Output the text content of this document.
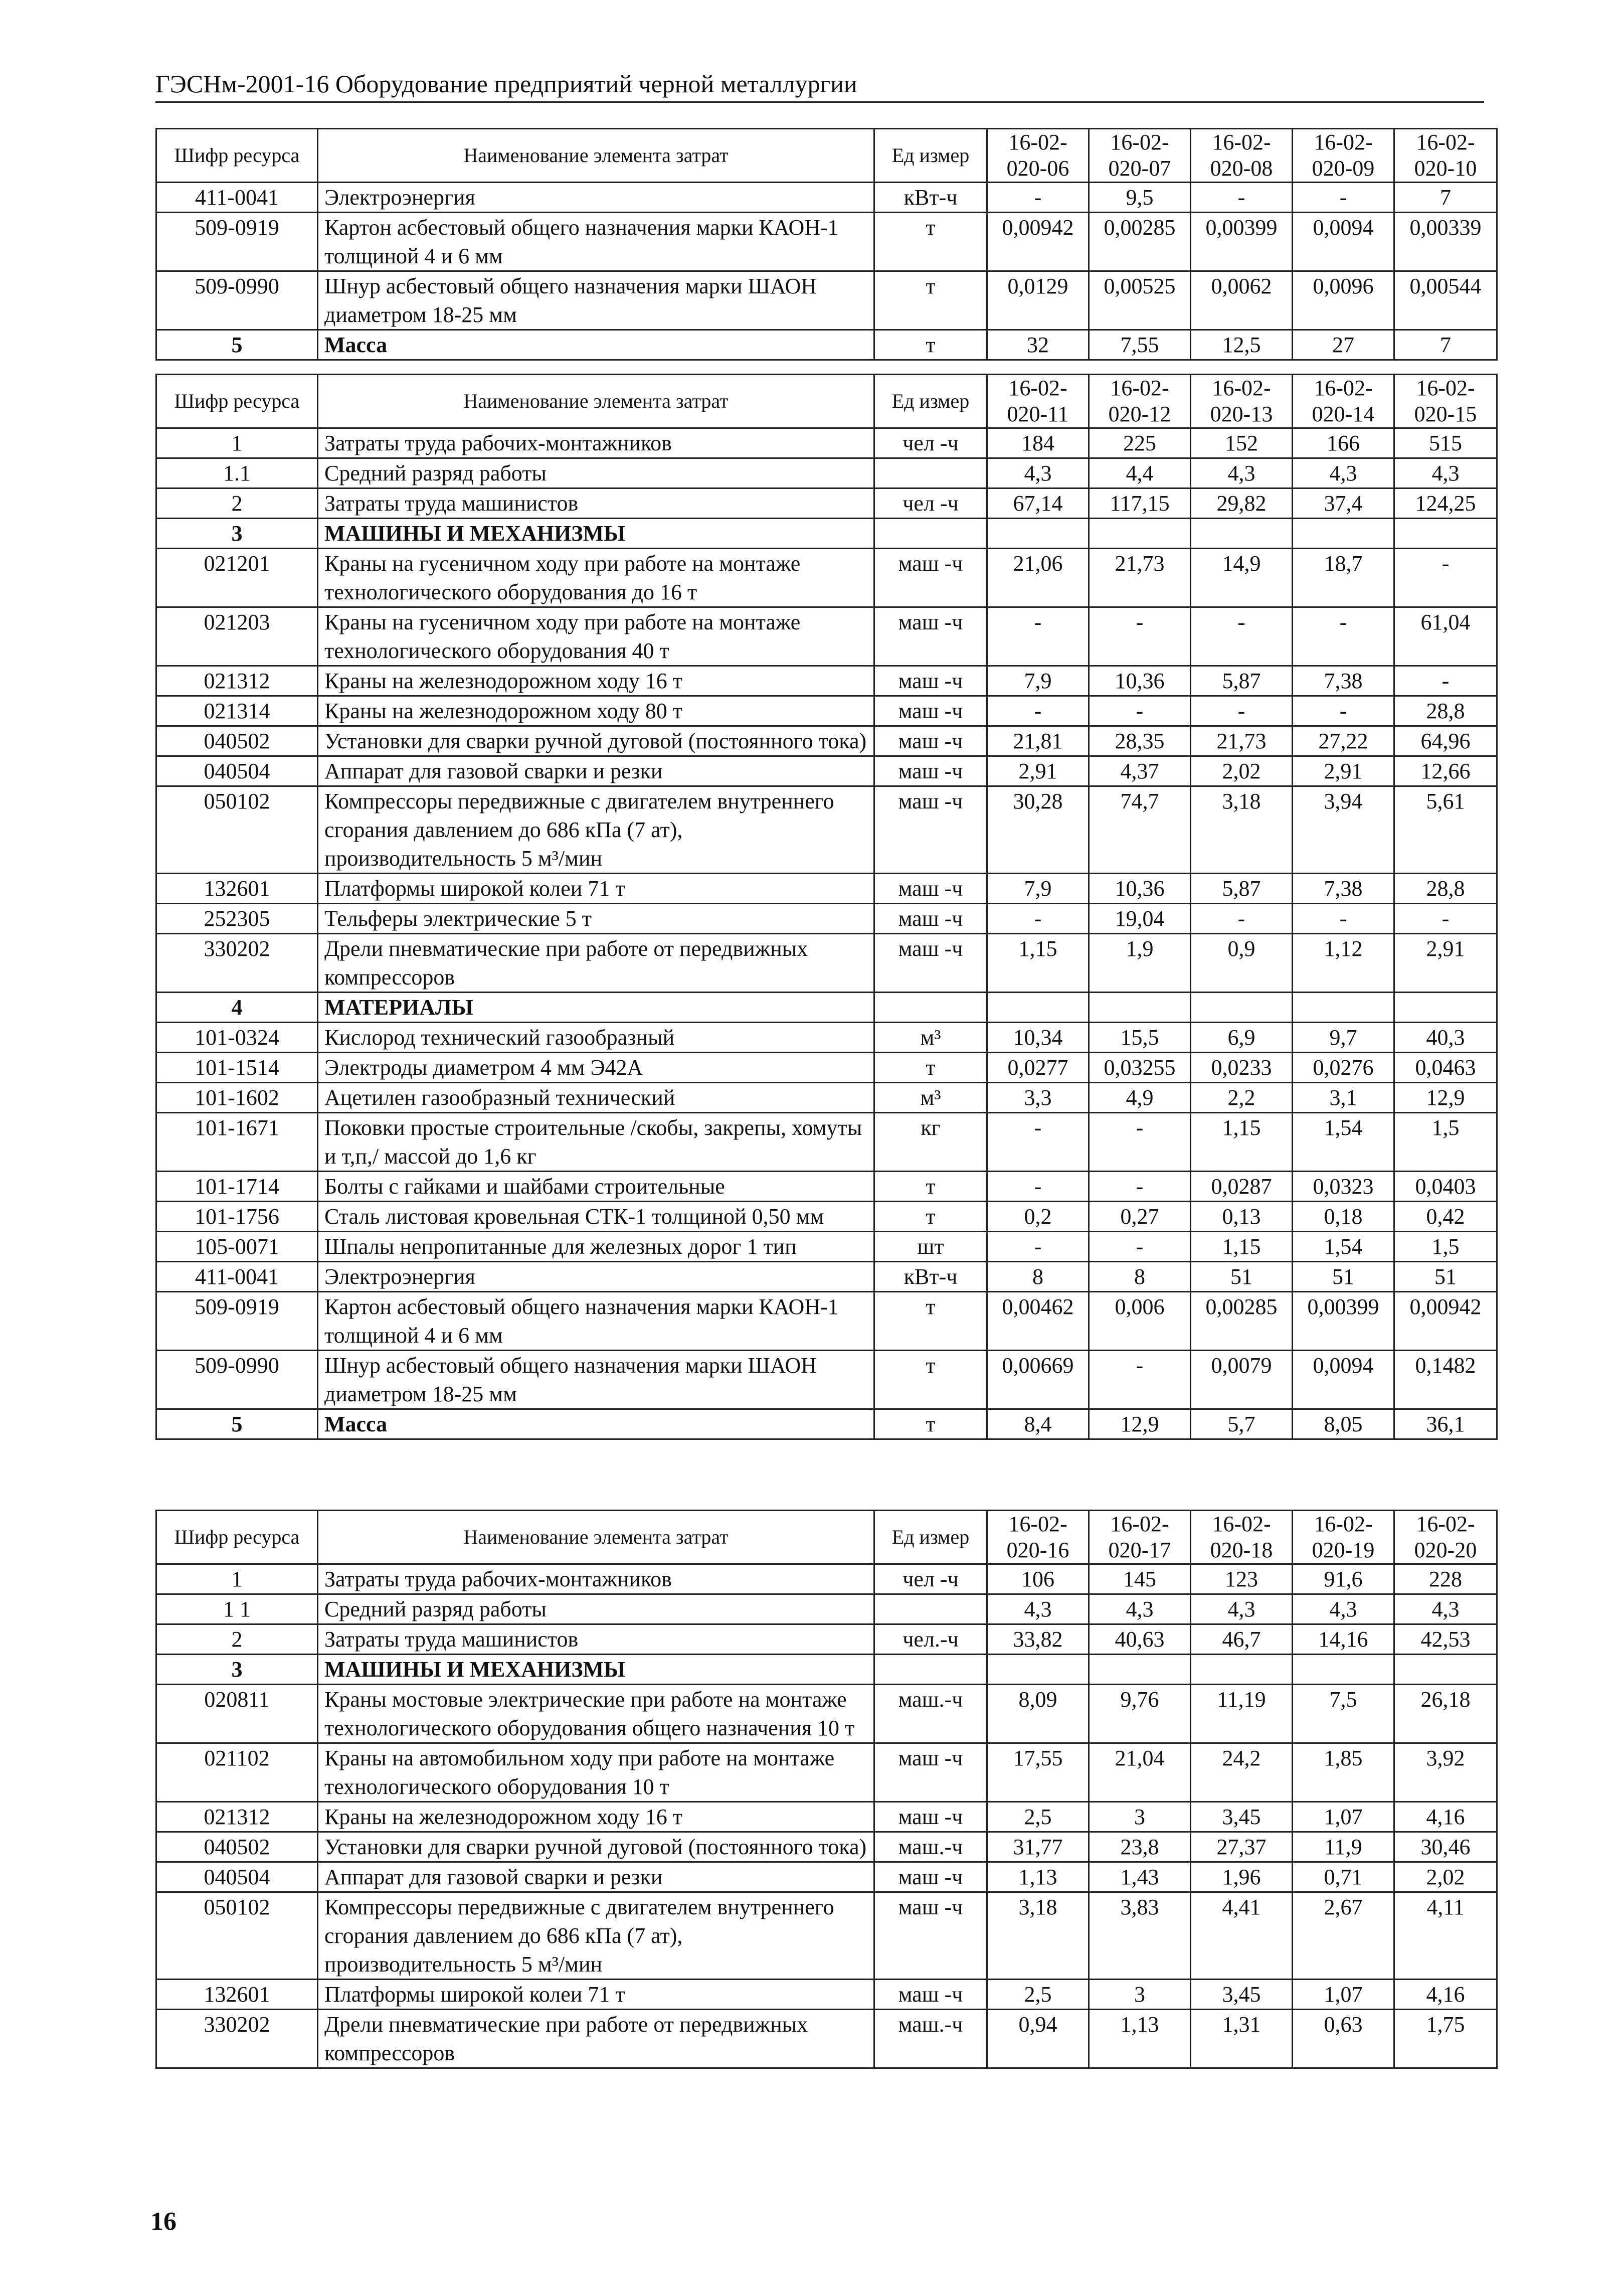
ГЭСНм-2001-16 Оборудование предприятий черной металлургии
Шифр ресурса	Наименование элемента затрат	Ед измер	16-02-020-06	16-02-020-07	16-02-020-08	16-02-020-09	16-02-020-10
411-0041	Электроэнергия	кВт-ч	-	9,5	-	-	7
509-0919	Картон асбестовый общего назначения марки КАОН-1 толщиной 4 и 6 мм	т	0,00942	0,00285	0,00399	0,0094	0,00339
509-0990	Шнур асбестовый общего назначения марки ШАОН диаметром 18-25 мм	т	0,0129	0,00525	0,0062	0,0096	0,00544
5	Масса	т	32	7,55	12,5	27	7
Шифр ресурса	Наименование элемента затрат	Ед измер	16-02-020-11	16-02-020-12	16-02-020-13	16-02-020-14	16-02-020-15
1	Затраты труда рабочих-монтажников	чел -ч	184	225	152	166	515
1.1	Средний разряд работы		4,3	4,4	4,3	4,3	4,3
2	Затраты труда машинистов	чел -ч	67,14	117,15	29,82	37,4	124,25
3	МАШИНЫ И МЕХАНИЗМЫ						
021201	Краны на гусеничном ходу при работе на монтаже технологического оборудования до 16 т	маш -ч	21,06	21,73	14,9	18,7	-
021203	Краны на гусеничном ходу при работе на монтаже технологического оборудования 40 т	маш -ч	-	-	-	-	61,04
021312	Краны на железнодорожном ходу 16 т	маш -ч	7,9	10,36	5,87	7,38	-
021314	Краны на железнодорожном ходу 80 т	маш -ч	-	-	-	-	28,8
040502	Установки для сварки ручной дуговой (постоянного тока)	маш -ч	21,81	28,35	21,73	27,22	64,96
040504	Аппарат для газовой сварки и резки	маш -ч	2,91	4,37	2,02	2,91	12,66
050102	Компрессоры передвижные с двигателем внутреннего сгорания давлением до 686 кПа (7 ат), производительность 5 м³/мин	маш -ч	30,28	74,7	3,18	3,94	5,61
132601	Платформы широкой колеи 71 т	маш -ч	7,9	10,36	5,87	7,38	28,8
252305	Тельферы электрические 5 т	маш -ч	-	19,04	-	-	-
330202	Дрели пневматические при работе от передвижных компрессоров	маш -ч	1,15	1,9	0,9	1,12	2,91
4	МАТЕРИАЛЫ						
101-0324	Кислород технический газообразный	м³	10,34	15,5	6,9	9,7	40,3
101-1514	Электроды диаметром 4 мм Э42А	т	0,0277	0,03255	0,0233	0,0276	0,0463
101-1602	Ацетилен газообразный технический	м³	3,3	4,9	2,2	3,1	12,9
101-1671	Поковки простые строительные /скобы, закрепы, хомуты и т,п,/ массой до 1,6 кг	кг	-	-	1,15	1,54	1,5
101-1714	Болты с гайками и шайбами строительные	т	-	-	0,0287	0,0323	0,0403
101-1756	Сталь листовая кровельная СТК-1 толщиной 0,50 мм	т	0,2	0,27	0,13	0,18	0,42
105-0071	Шпалы непропитанные для железных дорог 1 тип	шт	-	-	1,15	1,54	1,5
411-0041	Электроэнергия	кВт-ч	8	8	51	51	51
509-0919	Картон асбестовый общего назначения марки КАОН-1 толщиной 4 и 6 мм	т	0,00462	0,006	0,00285	0,00399	0,00942
509-0990	Шнур асбестовый общего назначения марки ШАОН диаметром 18-25 мм	т	0,00669	-	0,0079	0,0094	0,1482
5	Масса	т	8,4	12,9	5,7	8,05	36,1
Шифр ресурса	Наименование элемента затрат	Ед измер	16-02-020-16	16-02-020-17	16-02-020-18	16-02-020-19	16-02-020-20
1	Затраты труда рабочих-монтажников	чел -ч	106	145	123	91,6	228
1 1	Средний разряд работы		4,3	4,3	4,3	4,3	4,3
2	Затраты труда машинистов	чел.-ч	33,82	40,63	46,7	14,16	42,53
3	МАШИНЫ И МЕХАНИЗМЫ						
020811	Краны мостовые электрические при работе на монтаже технологического оборудования общего назначения 10 т	маш.-ч	8,09	9,76	11,19	7,5	26,18
021102	Краны на автомобильном ходу при работе на монтаже технологического оборудования 10 т	маш -ч	17,55	21,04	24,2	1,85	3,92
021312	Краны на железнодорожном ходу 16 т	маш -ч	2,5	3	3,45	1,07	4,16
040502	Установки для сварки ручной дуговой (постоянного тока)	маш.-ч	31,77	23,8	27,37	11,9	30,46
040504	Аппарат для газовой сварки и резки	маш -ч	1,13	1,43	1,96	0,71	2,02
050102	Компрессоры передвижные с двигателем внутреннего сгорания давлением до 686 кПа (7 ат), производительность 5 м³/мин	маш -ч	3,18	3,83	4,41	2,67	4,11
132601	Платформы широкой колеи 71 т	маш -ч	2,5	3	3,45	1,07	4,16
330202	Дрели пневматические при работе от передвижных компрессоров	маш.-ч	0,94	1,13	1,31	0,63	1,75
16
